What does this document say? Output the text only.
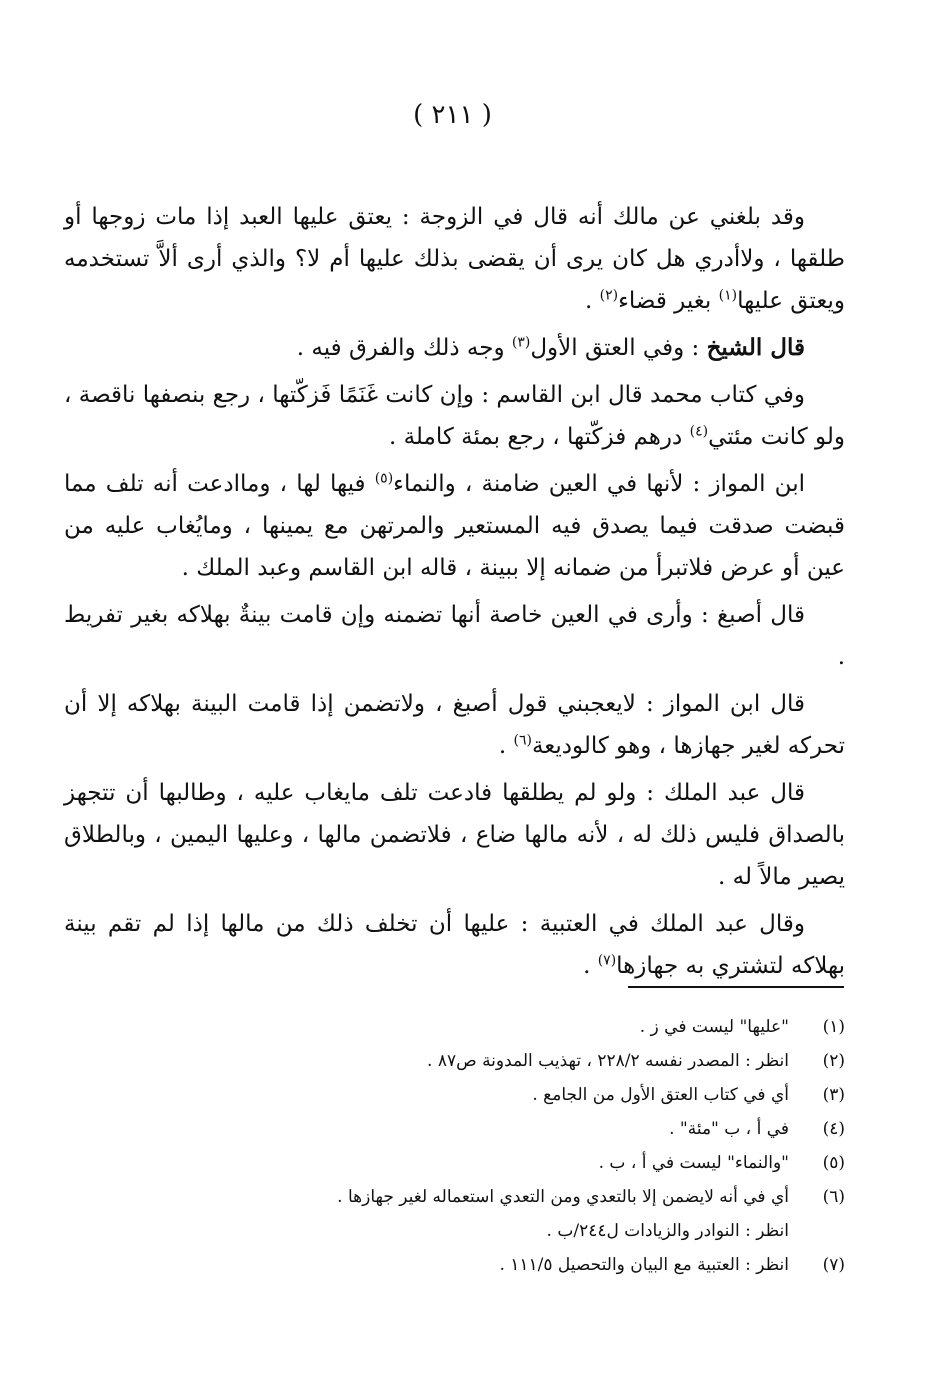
( ٢١١ )

وقد بلغني عن مالك أنه قال في الزوجة : يعتق عليها العبد إذا مات زوجها أو طلقها ، ولاأدري هل كان يرى أن يقضى بذلك عليها أم لا؟ والذي أرى ألاَّ تستخدمه ويعتق عليها$^{(١)}$ بغير قضاء$^{(٢)}$ .

قال الشيخ : وفي العتق الأول$^{(٣)}$ وجه ذلك والفرق فيه .

وفي كتاب محمد قال ابن القاسم : وإن كانت غَنَمًا فَزكّتها ، رجع بنصفها ناقصة ، ولو كانت مئتي$^{(٤)}$ درهم فزكّتها ، رجع بمئة كاملة .

ابن المواز : لأنها في العين ضامنة ، والنماء$^{(٥)}$ فيها لها ، وماادعت أنه تلف مما قبضت صدقت فيما يصدق فيه المستعير والمرتهن مع يمينها ، ومايُغاب عليه من عين أو عرض فلاتبرأ من ضمانه إلا ببينة ، قاله ابن القاسم وعبد الملك .

قال أصبغ : وأرى في العين خاصة أنها تضمنه وإن قامت بينةٌ بهلاكه بغير تفريط .

قال ابن المواز : لايعجبني قول أصبغ ، ولاتضمن إذا قامت البينة بهلاكه إلا أن تحركه لغير جهازها ، وهو كالوديعة$^{(٦)}$ .

قال عبد الملك : ولو لم يطلقها فادعت تلف مايغاب عليه ، وطالبها أن تتجهز بالصداق فليس ذلك له ، لأنه مالها ضاع ، فلاتضمن مالها ، وعليها اليمين ، وبالطلاق يصير مالاً له .

وقال عبد الملك في العتبية : عليها أن تخلف ذلك من مالها إذا لم تقم بينة بهلاكه لتشتري به جهازها$^{(٧)}$ .

(١)
"عليها" ليست في ز .
(٢)
انظر : المصدر نفسه ٢٢٨/٢ ، تهذيب المدونة ص٨٧ .
(٣)
أي في كتاب العتق الأول من الجامع .
(٤)
في أ ، ب "مئة" .
(٥)
"والنماء" ليست في أ ، ب .
(٦)
أي في أنه لايضمن إلا بالتعدي ومن التعدي استعماله لغير جهازها .
انظر : النوادر والزيادات ل٢٤٤/ب .
(٧)
انظر : العتبية مع البيان والتحصيل ١١١/٥ .
